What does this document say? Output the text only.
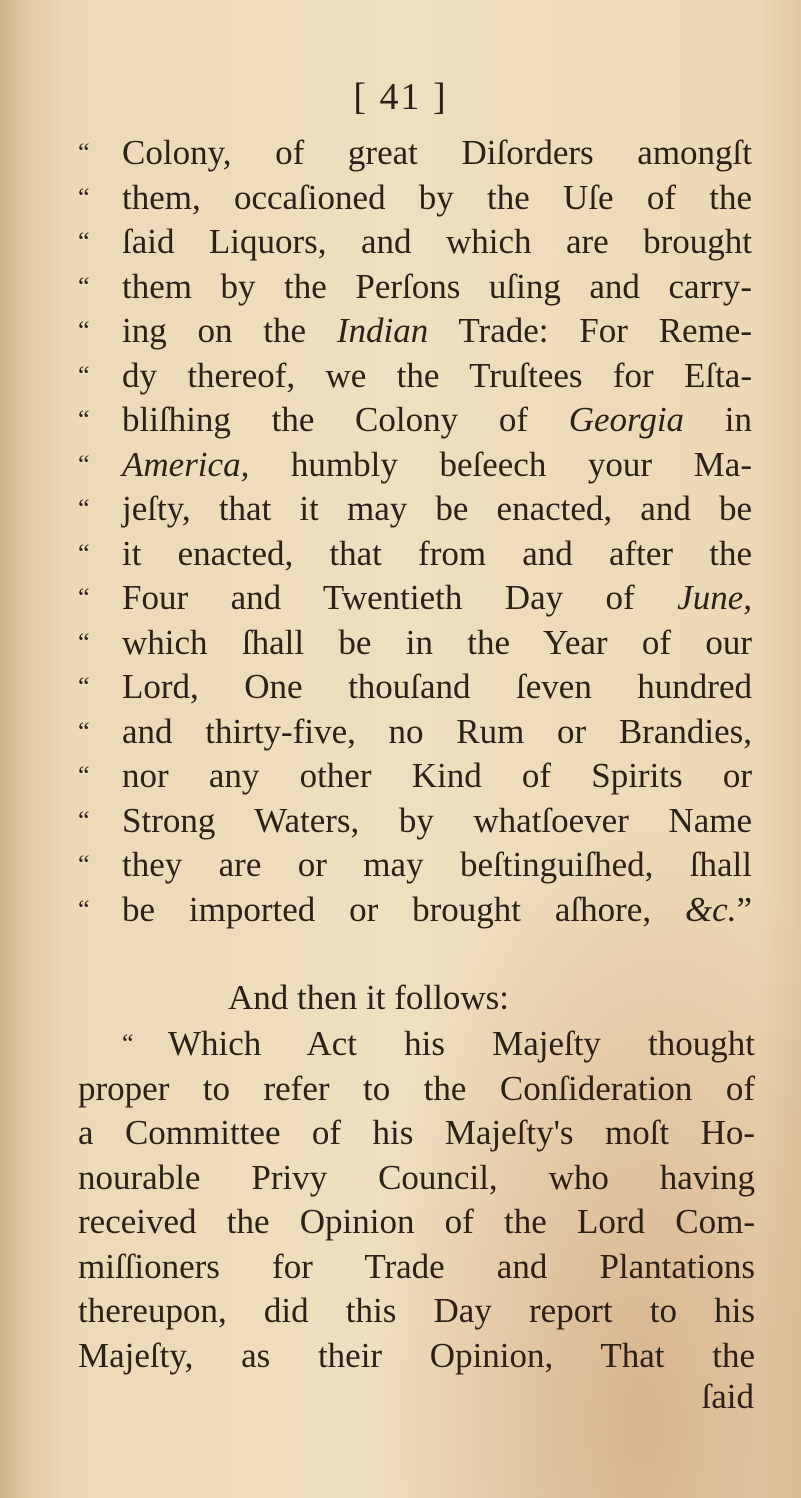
[ 41 ]
“ Colony, of great Diſorders amongſt
“ them, occaſioned by the Uſe of the
“ ſaid Liquors, and which are brought
“ them by the Perſons uſing and carry-
“ ing on the Indian Trade: For Reme-
“ dy thereof, we the Truſtees for Eſta-
“ bliſhing the Colony of Georgia in
“ America, humbly beſeech your Ma-
“ jeſty, that it may be enacted, and be
“ it enacted, that from and after the
“ Four and Twentieth Day of June,
“ which ſhall be in the Year of our
“ Lord, One thouſand ſeven hundred
“ and thirty-five, no Rum or Brandies,
“ nor any other Kind of Spirits or
“ Strong Waters, by whatſoever Name
“ they are or may beſtinguiſhed, ſhall
“ be imported or brought aſhore, &c.”
And then it follows:
“ Which Act his Majeſty thought
proper to refer to the Conſideration of
a Committee of his Majeſty's moſt Ho-
nourable Privy Council, who having
received the Opinion of the Lord Com-
miſſioners for Trade and Plantations
thereupon, did this Day report to his
Majeſty, as their Opinion, That the
ſaid
